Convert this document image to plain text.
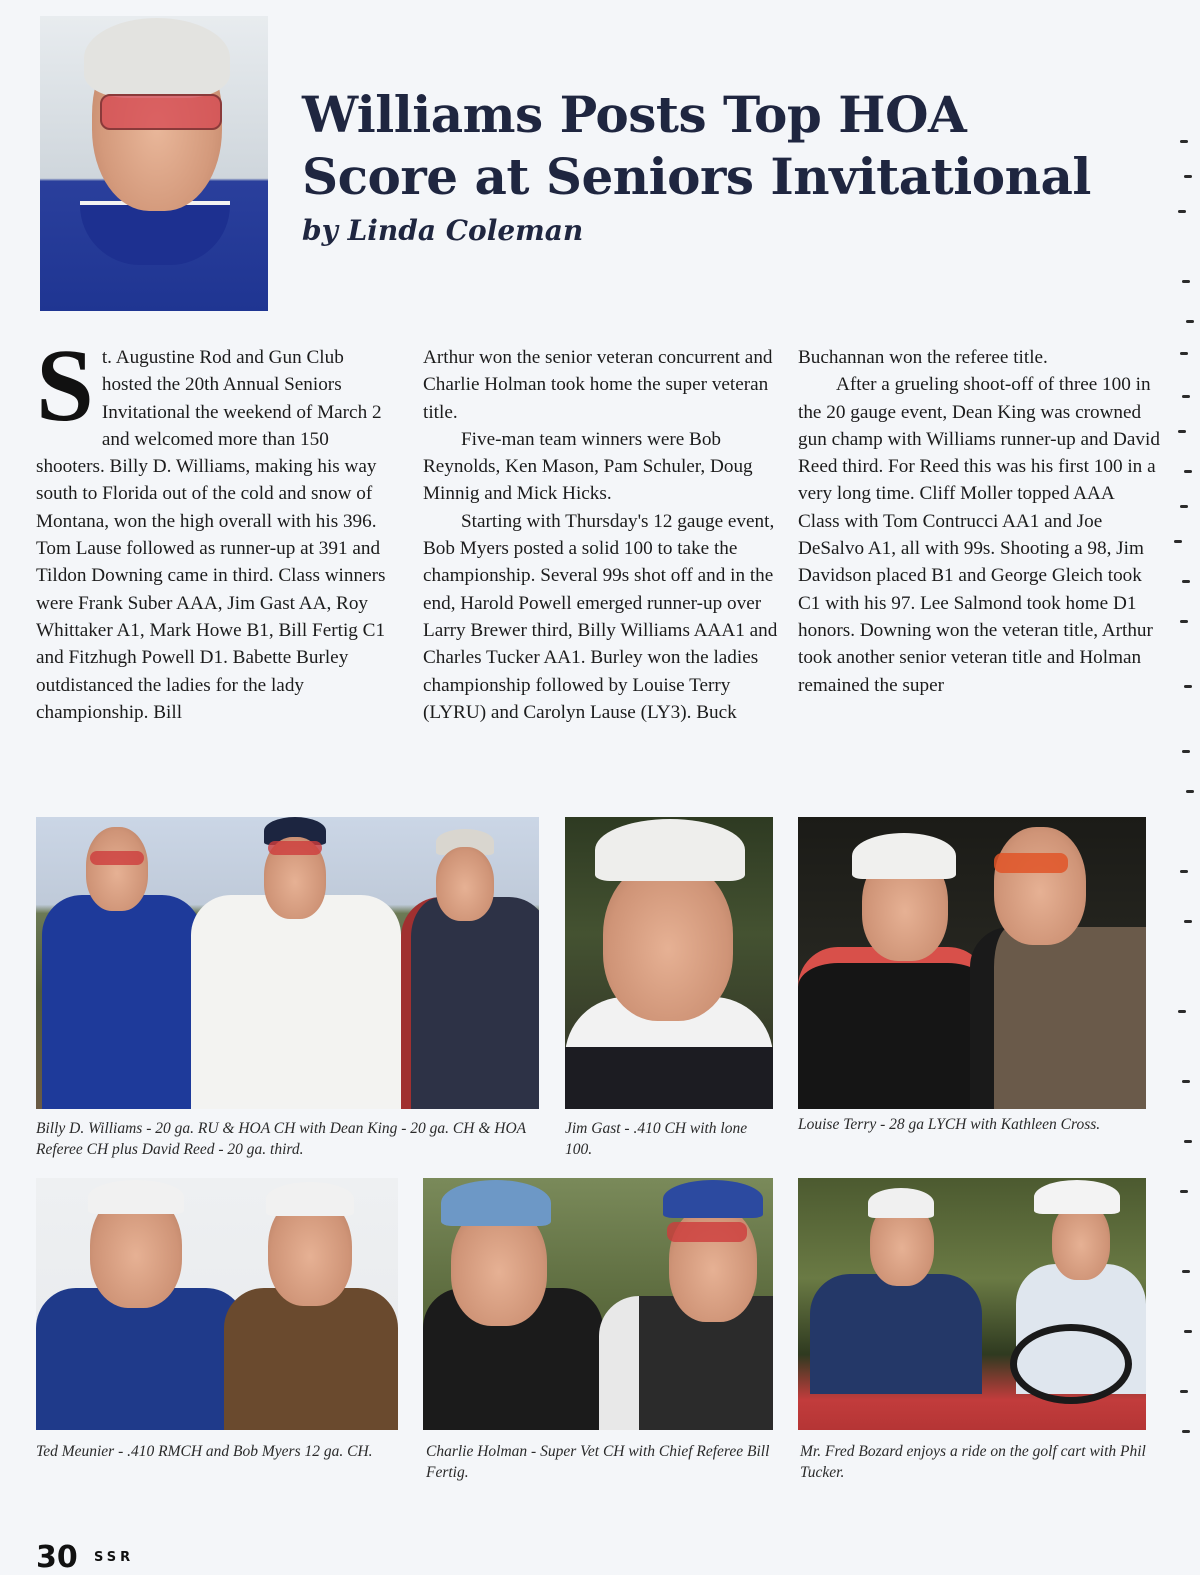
Williams Posts Top HOA Score at Seniors Invitational
by Linda Coleman

St. Augustine Rod and Gun Club hosted the 20th Annual Seniors Invitational the weekend of March 2 and welcomed more than 150 shooters. Billy D. Williams, making his way south to Florida out of the cold and snow of Montana, won the high overall with his 396. Tom Lause followed as runner-up at 391 and Tildon Downing came in third. Class winners were Frank Suber AAA, Jim Gast AA, Roy Whittaker A1, Mark Howe B1, Bill Fertig C1 and Fitzhugh Powell D1. Babette Burley outdistanced the ladies for the lady championship. Bill

Arthur won the senior veteran concurrent and Charlie Holman took home the super veteran title.

Five-man team winners were Bob Reynolds, Ken Mason, Pam Schuler, Doug Minnig and Mick Hicks.

Starting with Thursday's 12 gauge event, Bob Myers posted a solid 100 to take the championship. Several 99s shot off and in the end, Harold Powell emerged runner-up over Larry Brewer third, Billy Williams AAA1 and Charles Tucker AA1. Burley won the ladies championship followed by Louise Terry (LYRU) and Carolyn Lause (LY3). Buck

Buchannan won the referee title.

After a grueling shoot-off of three 100 in the 20 gauge event, Dean King was crowned gun champ with Williams runner-up and David Reed third. For Reed this was his first 100 in a very long time. Cliff Moller topped AAA Class with Tom Contrucci AA1 and Joe DeSalvo A1, all with 99s. Shooting a 98, Jim Davidson placed B1 and George Gleich took C1 with his 97. Lee Salmond took home D1 honors. Downing won the veteran title, Arthur took another senior veteran title and Holman remained the super

Billy D. Williams - 20 ga. RU & HOA CH with Dean King - 20 ga. CH & HOA Referee CH plus David Reed - 20 ga. third.
Jim Gast - .410 CH with lone 100.
Louise Terry - 28 ga LYCH with Kathleen Cross.
Ted Meunier - .410 RMCH and Bob Myers 12 ga. CH.	Charlie Holman - Super Vet CH with Chief Referee Bill Fertig.
Mr. Fred Bozard enjoys a ride on the golf cart with Phil Tucker.
30 SSR
